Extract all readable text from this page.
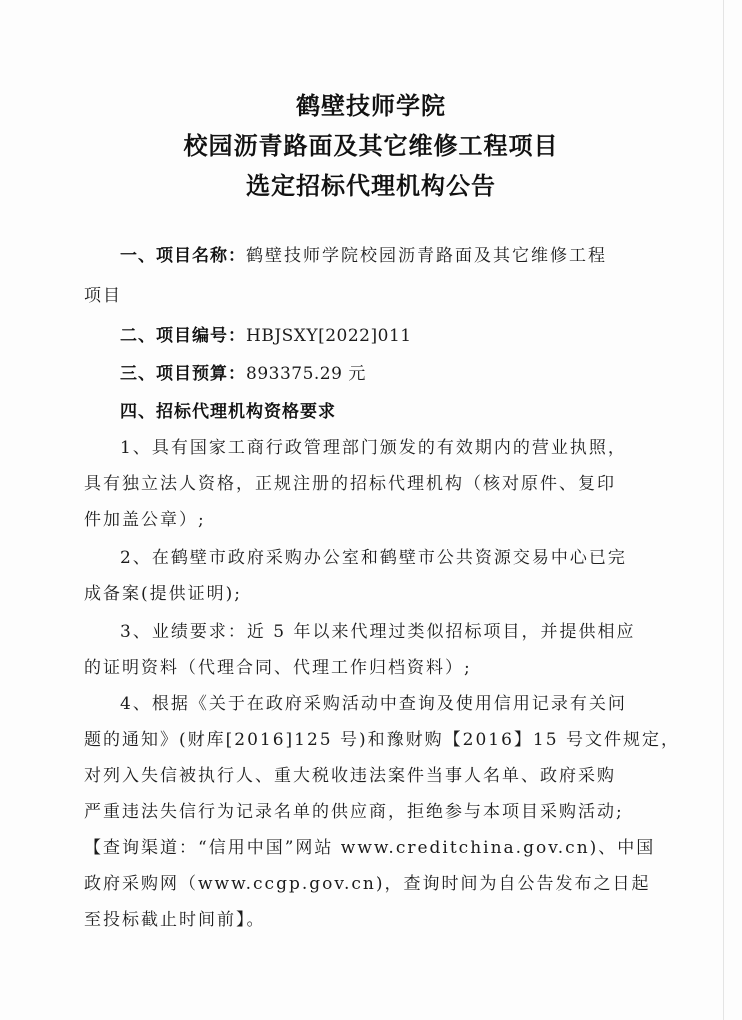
鹤壁技师学院
校园沥青路面及其它维修工程项目
选定招标代理机构公告
一、项目名称：鹤壁技师学院校园沥青路面及其它维修工程
项目
二、项目编号：HBJSXY[2022]011
三、项目预算：893375.29 元
四、招标代理机构资格要求
1、具有国家工商行政管理部门颁发的有效期内的营业执照，
具有独立法人资格，正规注册的招标代理机构（核对原件、复印
件加盖公章）;
2、在鹤壁市政府采购办公室和鹤壁市公共资源交易中心已完
成备案(提供证明);
3、业绩要求：近 5 年以来代理过类似招标项目，并提供相应
的证明资料（代理合同、代理工作归档资料）;
4、根据《关于在政府采购活动中查询及使用信用记录有关问
题的通知》(财库[2016]125 号)和豫财购【2016】15 号文件规定，
对列入失信被执行人、重大税收违法案件当事人名单、政府采购
严重违法失信行为记录名单的供应商，拒绝参与本项目采购活动;
【查询渠道：“信用中国”网站 www.creditchina.gov.cn)、中国
政府采购网（www.ccgp.gov.cn)，查询时间为自公告发布之日起
至投标截止时间前】。
